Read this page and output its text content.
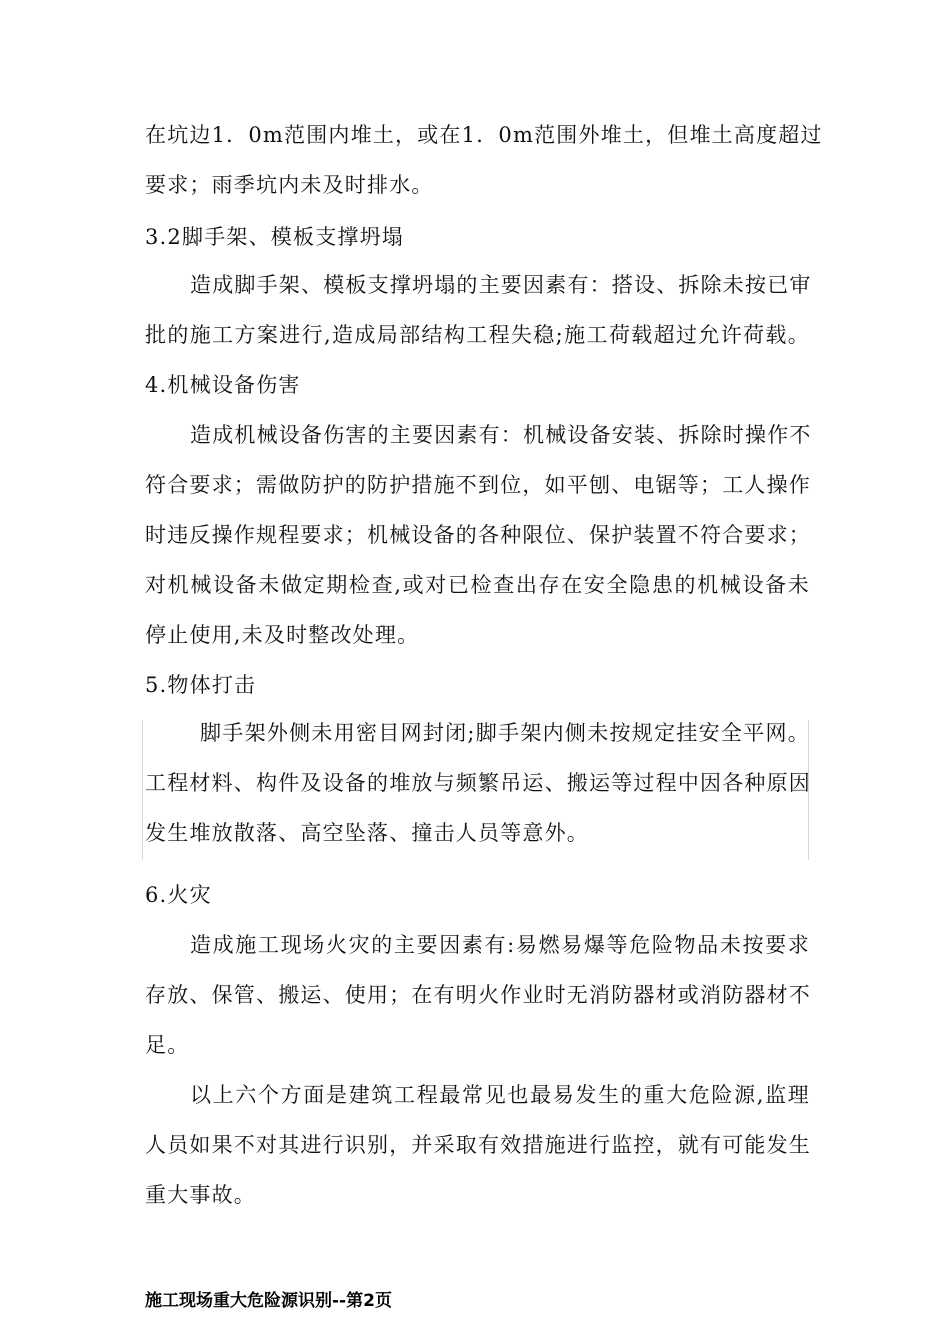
在坑边1．0m范围内堆土，或在1．0m范围外堆土，但堆土高度超过
要求；雨季坑内未及时排水。
3.2脚手架、模板支撑坍塌
造成脚手架、模板支撑坍塌的主要因素有：搭设、拆除未按已审
批的施工方案进行,造成局部结构工程失稳;施工荷载超过允许荷载。
4.机械设备伤害
造成机械设备伤害的主要因素有：机械设备安装、拆除时操作不
符合要求；需做防护的防护措施不到位，如平刨、电锯等；工人操作
时违反操作规程要求；机械设备的各种限位、保护装置不符合要求；
对机械设备未做定期检查,或对已检查出存在安全隐患的机械设备未
停止使用,未及时整改处理。
5.物体打击
脚手架外侧未用密目网封闭;脚手架内侧未按规定挂安全平网。
工程材料、构件及设备的堆放与频繁吊运、搬运等过程中因各种原因
发生堆放散落、高空坠落、撞击人员等意外。
6.火灾
造成施工现场火灾的主要因素有:易燃易爆等危险物品未按要求
存放、保管、搬运、使用；在有明火作业时无消防器材或消防器材不
足。
以上六个方面是建筑工程最常见也最易发生的重大危险源,监理
人员如果不对其进行识别，并采取有效措施进行监控，就有可能发生
重大事故。
施工现场重大危险源识别--第2页
